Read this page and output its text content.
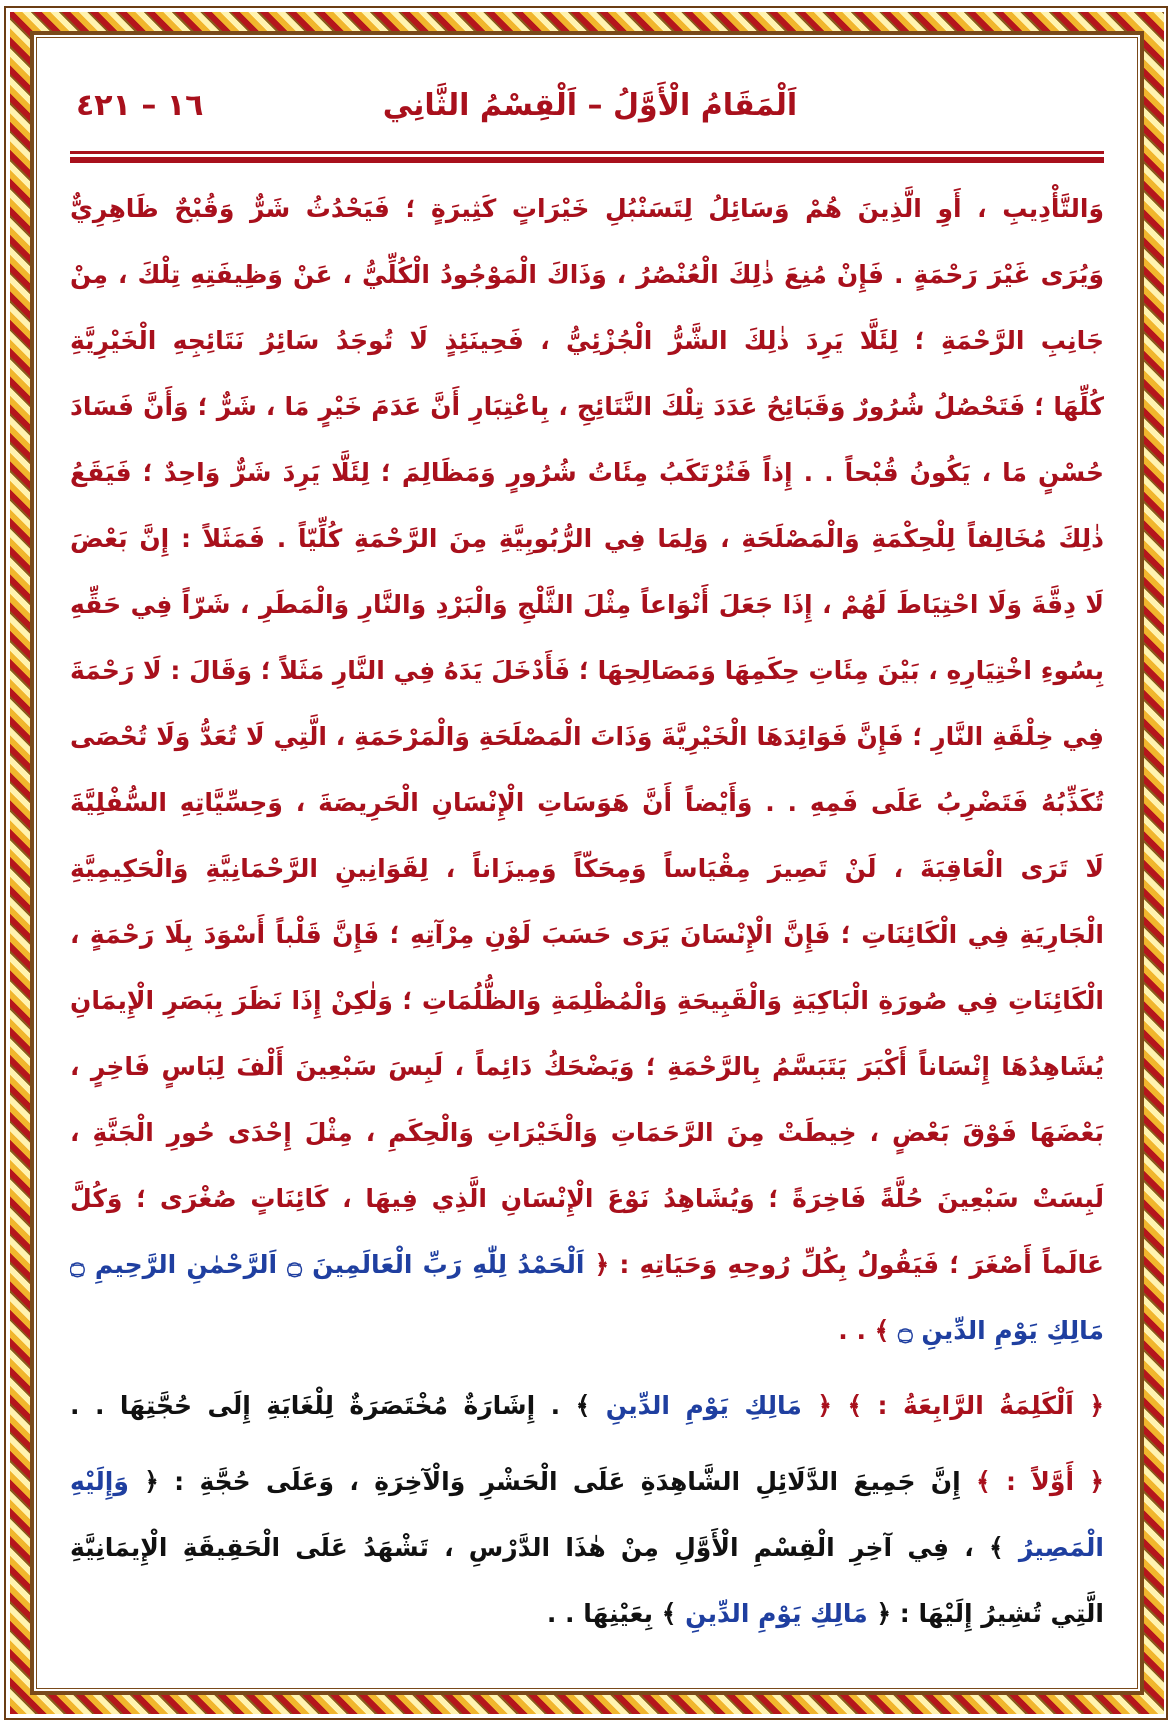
اَلْمَقَامُ الْأَوَّلُ – اَلْقِسْمُ الثَّانِي
١٦ – ٤٢١
وَالتَّأْدِيبِ ، أَوِ الَّذِينَ هُمْ وَسَائِلُ لِتَسَنْبُلِ خَيْرَاتٍ كَثِيرَةٍ ؛ فَيَحْدُثُ شَرٌّ وَقُبْحٌ ظَاهِرِيٌّ
وَيُرَى غَيْرَ رَحْمَةٍ . فَإِنْ مُنِعَ ذٰلِكَ الْعُنْصُرُ ، وَذَاكَ الْمَوْجُودُ الْكُلِّيُّ ، عَنْ وَظِيفَتِهِ تِلْكَ ، مِنْ
جَانِبِ الرَّحْمَةِ ؛ لِئَلَّا يَرِدَ ذٰلِكَ الشَّرُّ الْجُزْئِيُّ ، فَحِينَئِذٍ لَا تُوجَدُ سَائِرُ نَتَائِجِهِ الْخَيْرِيَّةِ
كُلِّهَا ؛ فَتَحْصُلُ شُرُورٌ وَقَبَائِحُ عَدَدَ تِلْكَ النَّتَائِجِ ، بِاعْتِبَارِ أَنَّ عَدَمَ خَيْرٍ مَا ، شَرٌّ ؛ وَأَنَّ فَسَادَ
حُسْنٍ مَا ، يَكُونُ قُبْحاً . . إِذاً فَتُرْتَكَبُ مِئَاتُ شُرُورٍ وَمَظَالِمَ ؛ لِئَلَّا يَرِدَ شَرٌّ وَاحِدٌ ؛ فَيَقَعُ
ذٰلِكَ مُخَالِفاً لِلْحِكْمَةِ وَالْمَصْلَحَةِ ، وَلِمَا فِي الرُّبُوبِيَّةِ مِنَ الرَّحْمَةِ كُلِّيّاً . فَمَثَلاً : إِنَّ بَعْضَ
لَا دِقَّةَ وَلَا احْتِيَاطَ لَهُمْ ، إِذَا جَعَلَ أَنْوَاعاً مِثْلَ الثَّلْجِ وَالْبَرْدِ وَالنَّارِ وَالْمَطَرِ ، شَرّاً فِي حَقِّهِ
بِسُوءِ اخْتِيَارِهِ ، بَيْنَ مِئَاتِ حِكَمِهَا وَمَصَالِحِهَا ؛ فَأَدْخَلَ يَدَهُ فِي النَّارِ مَثَلاً ؛ وَقَالَ : لَا رَحْمَةَ
فِي خِلْقَةِ النَّارِ ؛ فَإِنَّ فَوَائِدَهَا الْخَيْرِيَّةَ وَذَاتَ الْمَصْلَحَةِ وَالْمَرْحَمَةِ ، الَّتِي لَا تُعَدُّ وَلَا تُحْصَى
تُكَذِّبُهُ فَتَضْرِبُ عَلَى فَمِهِ . . وَأَيْضاً أَنَّ هَوَسَاتِ الْإِنْسَانِ الْحَرِيصَةَ ، وَحِسِّيَّاتِهِ السُّفْلِيَّةَ
لَا تَرَى الْعَاقِبَةَ ، لَنْ تَصِيرَ مِقْيَاساً وَمِحَكّاً وَمِيزَاناً ، لِقَوَانِينِ الرَّحْمَانِيَّةِ وَالْحَكِيمِيَّةِ
الْجَارِيَةِ فِي الْكَائِنَاتِ ؛ فَإِنَّ الْإِنْسَانَ يَرَى حَسَبَ لَوْنِ مِرْآتِهِ ؛ فَإِنَّ قَلْباً أَسْوَدَ بِلَا رَحْمَةٍ ،
الْكَائِنَاتِ فِي صُورَةِ الْبَاكِيَةِ وَالْقَبِيحَةِ وَالْمُظْلِمَةِ وَالظُّلُمَاتِ ؛ وَلٰكِنْ إِذَا نَظَرَ بِبَصَرِ الْإِيمَانِ
يُشَاهِدُهَا إِنْسَاناً أَكْبَرَ يَتَبَسَّمُ بِالرَّحْمَةِ ؛ وَيَضْحَكُ دَائِماً ، لَبِسَ سَبْعِينَ أَلْفَ لِبَاسٍ فَاخِرٍ ،
بَعْضَهَا فَوْقَ بَعْضٍ ، خِيطَتْ مِنَ الرَّحَمَاتِ وَالْخَيْرَاتِ وَالْحِكَمِ ، مِثْلَ إِحْدَى حُورِ الْجَنَّةِ ،
لَبِسَتْ سَبْعِينَ حُلَّةً فَاخِرَةً ؛ وَيُشَاهِدُ نَوْعَ الْإِنْسَانِ الَّذِي فِيهَا ، كَائِنَاتٍ صُغْرَى ؛ وَكُلَّ
عَالَماً أَصْغَرَ ؛ فَيَقُولُ بِكُلِّ رُوحِهِ وَحَيَاتِهِ : ﴿ اَلْحَمْدُ لِلّٰهِ رَبِّ الْعَالَمِينَ ۝ اَلرَّحْمٰنِ الرَّحِيمِ ۝
مَالِكِ يَوْمِ الدِّينِ ۝ ﴾ . .
﴿ اَلْكَلِمَةُ الرَّابِعَةُ : ﴾ ﴿ مَالِكِ يَوْمِ الدِّينِ ﴾ . إِشَارَةٌ مُخْتَصَرَةٌ لِلْغَايَةِ إِلَى حُجَّتِهَا . .
﴿ أَوَّلاً : ﴾ إِنَّ جَمِيعَ الدَّلَائِلِ الشَّاهِدَةِ عَلَى الْحَشْرِ وَالْآخِرَةِ ، وَعَلَى حُجَّةِ : ﴿ وَإِلَيْهِ
الْمَصِيرُ ﴾ ، فِي آخِرِ الْقِسْمِ الْأَوَّلِ مِنْ هٰذَا الدَّرْسِ ، تَشْهَدُ عَلَى الْحَقِيقَةِ الْإِيمَانِيَّةِ
الَّتِي تُشِيرُ إِلَيْهَا : ﴿ مَالِكِ يَوْمِ الدِّينِ ﴾ بِعَيْنِهَا . .
